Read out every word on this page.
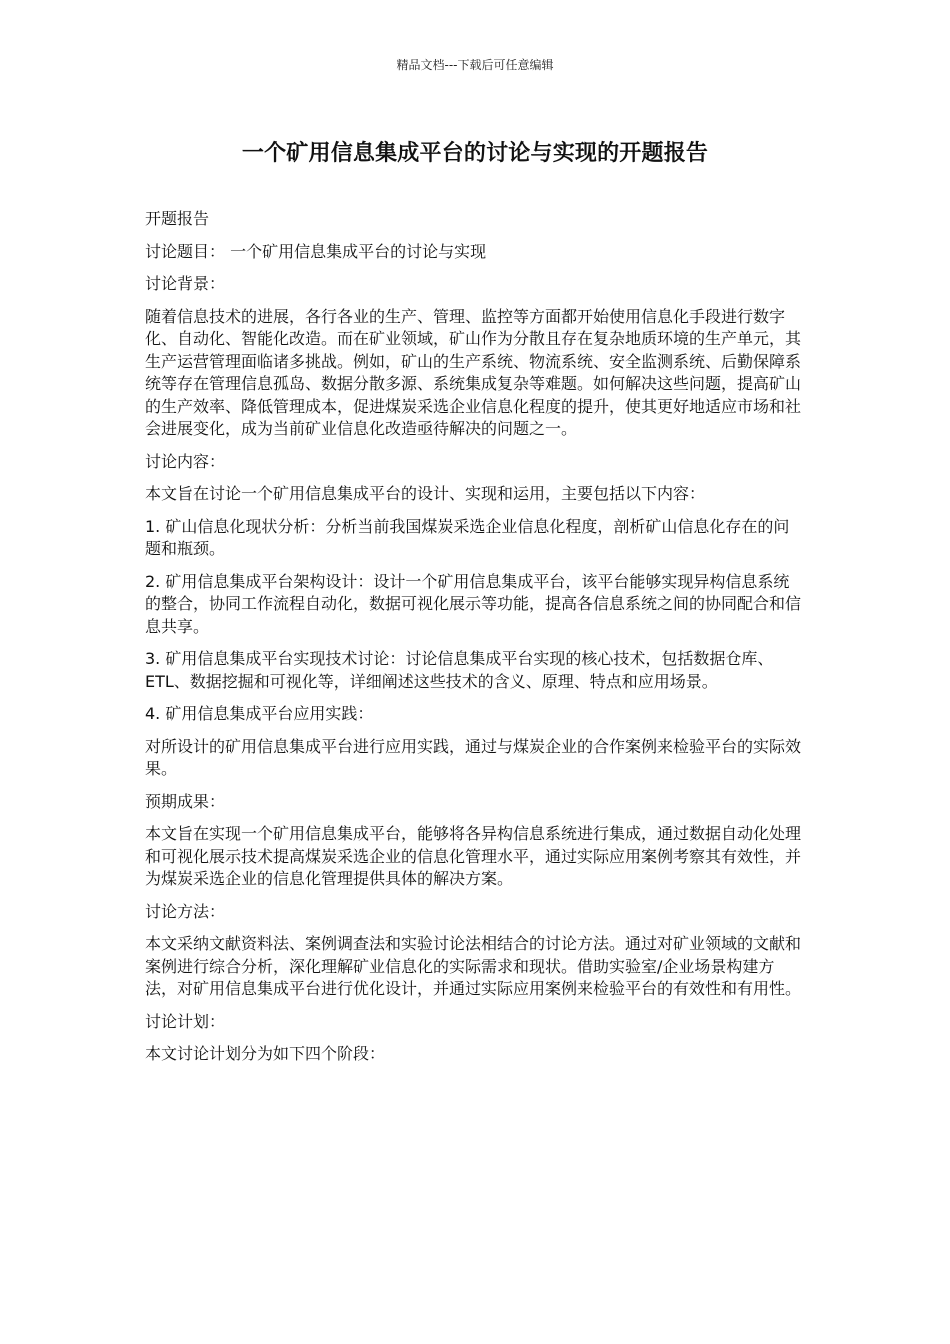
精品文档---下载后可任意编辑
一个矿用信息集成平台的讨论与实现的开题报告

开题报告

讨论题目： 一个矿用信息集成平台的讨论与实现

讨论背景：

随着信息技术的进展，各行各业的生产、管理、监控等方面都开始使用信息化手段进行数字化、自动化、智能化改造。而在矿业领域，矿山作为分散且存在复杂地质环境的生产单元，其生产运营管理面临诸多挑战。例如，矿山的生产系统、物流系统、安全监测系统、后勤保障系统等存在管理信息孤岛、数据分散多源、系统集成复杂等难题。如何解决这些问题，提高矿山的生产效率、降低管理成本，促进煤炭采选企业信息化程度的提升，使其更好地适应市场和社会进展变化，成为当前矿业信息化改造亟待解决的问题之一。

讨论内容：

本文旨在讨论一个矿用信息集成平台的设计、实现和运用，主要包括以下内容：

1. 矿山信息化现状分析：分析当前我国煤炭采选企业信息化程度，剖析矿山信息化存在的问题和瓶颈。

2. 矿用信息集成平台架构设计：设计一个矿用信息集成平台，该平台能够实现异构信息系统的整合，协同工作流程自动化，数据可视化展示等功能，提高各信息系统之间的协同配合和信息共享。

3. 矿用信息集成平台实现技术讨论：讨论信息集成平台实现的核心技术，包括数据仓库、ETL、数据挖掘和可视化等，详细阐述这些技术的含义、原理、特点和应用场景。

4. 矿用信息集成平台应用实践：

对所设计的矿用信息集成平台进行应用实践，通过与煤炭企业的合作案例来检验平台的实际效果。

预期成果：

本文旨在实现一个矿用信息集成平台，能够将各异构信息系统进行集成，通过数据自动化处理和可视化展示技术提高煤炭采选企业的信息化管理水平，通过实际应用案例考察其有效性，并为煤炭采选企业的信息化管理提供具体的解决方案。

讨论方法：

本文采纳文献资料法、案例调查法和实验讨论法相结合的讨论方法。通过对矿业领域的文献和案例进行综合分析，深化理解矿业信息化的实际需求和现状。借助实验室/企业场景构建方法，对矿用信息集成平台进行优化设计，并通过实际应用案例来检验平台的有效性和有用性。

讨论计划：

本文讨论计划分为如下四个阶段：
